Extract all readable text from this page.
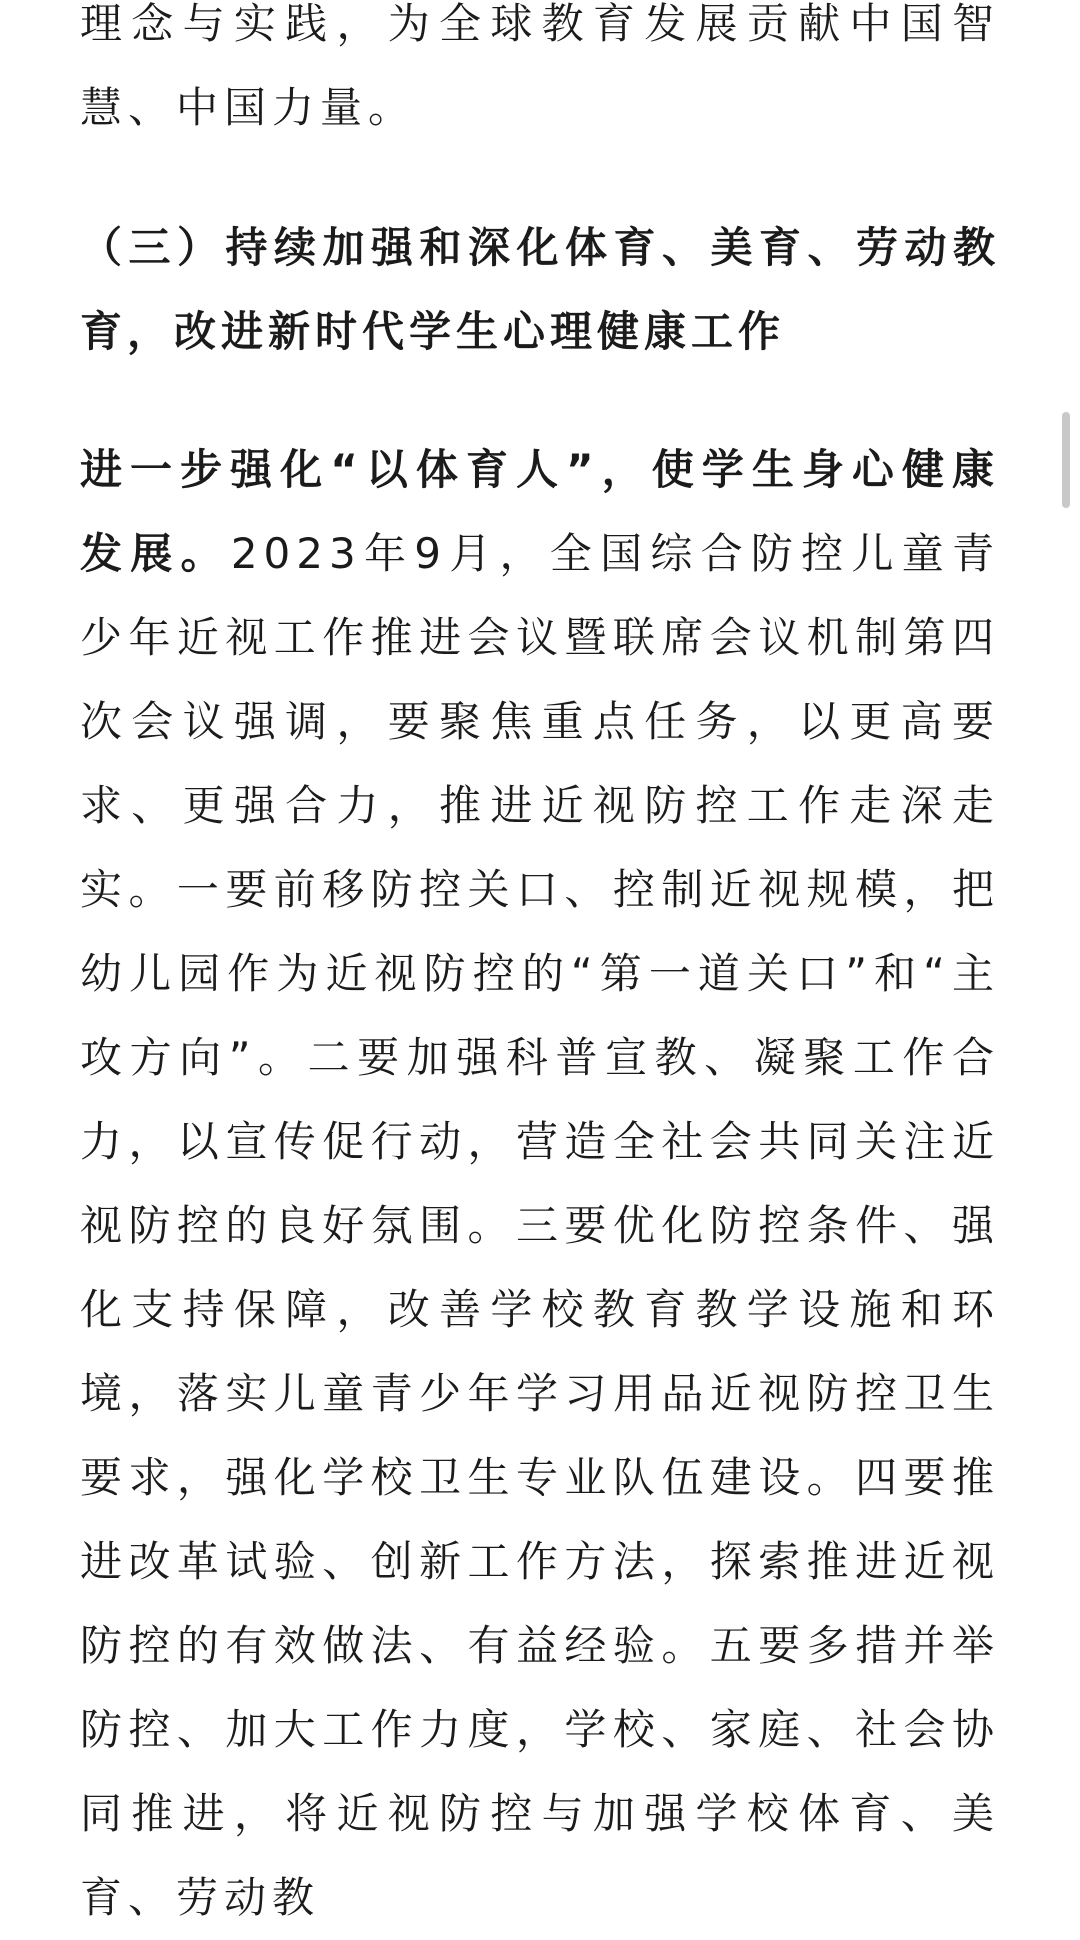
理念与实践，为全球教育发展贡献中国智慧、中国力量。

（三）持续加强和深化体育、美育、劳动教育，改进新时代学生心理健康工作

进一步强化“以体育人”，使学生身心健康发展。2023年9月，全国综合防控儿童青少年近视工作推进会议暨联席会议机制第四次会议强调，要聚焦重点任务，以更高要求、更强合力，推进近视防控工作走深走实。一要前移防控关口、控制近视规模，把幼儿园作为近视防控的“第一道关口”和“主攻方向”。二要加强科普宣教、凝聚工作合力，以宣传促行动，营造全社会共同关注近视防控的良好氛围。三要优化防控条件、强化支持保障，改善学校教育教学设施和环境，落实儿童青少年学习用品近视防控卫生要求，强化学校卫生专业队伍建设。四要推进改革试验、创新工作方法，探索推进近视防控的有效做法、有益经验。五要多措并举防控、加大工作力度，学校、家庭、社会协同推进，将近视防控与加强学校体育、美育、劳动教
